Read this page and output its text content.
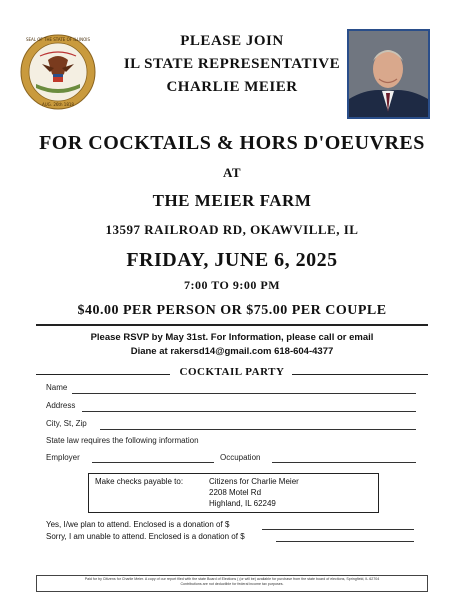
SEAL OF THE STATE OF ILLINOIS
AUG. 26th 1818
PLEASE JOIN
IL STATE REPRESENTATIVE
CHARLIE MEIER
FOR COCKTAILS & HORS D'OEUVRES
AT
THE MEIER FARM
13597 RAILROAD RD, OKAWVILLE, IL
FRIDAY, JUNE 6, 2025
7:00 TO 9:00 PM
$40.00 PER PERSON OR $75.00 PER COUPLE
Please RSVP by May 31st. For Information, please call or email
Diane at rakersd14@gmail.com 618-604-4377
COCKTAIL PARTY
Name
Address
City, St, Zip
State law requires the following information
Employer	Occupation
Make checks payable to:	Citizens for Charlie Meier
2208 Motel Rd
Highland, IL 62249
Yes, I/we plan to attend. Enclosed is a donation of $
Sorry, I am unable to attend. Enclosed is a donation of $
Paid for by Citizens for Charlie Meier. A copy of our report filed with the state Board of Elections ( (or will be) available for purchase from the state board of elections, Springfield, IL 62704
Contributions are not deductible for federal income tax purposes.
